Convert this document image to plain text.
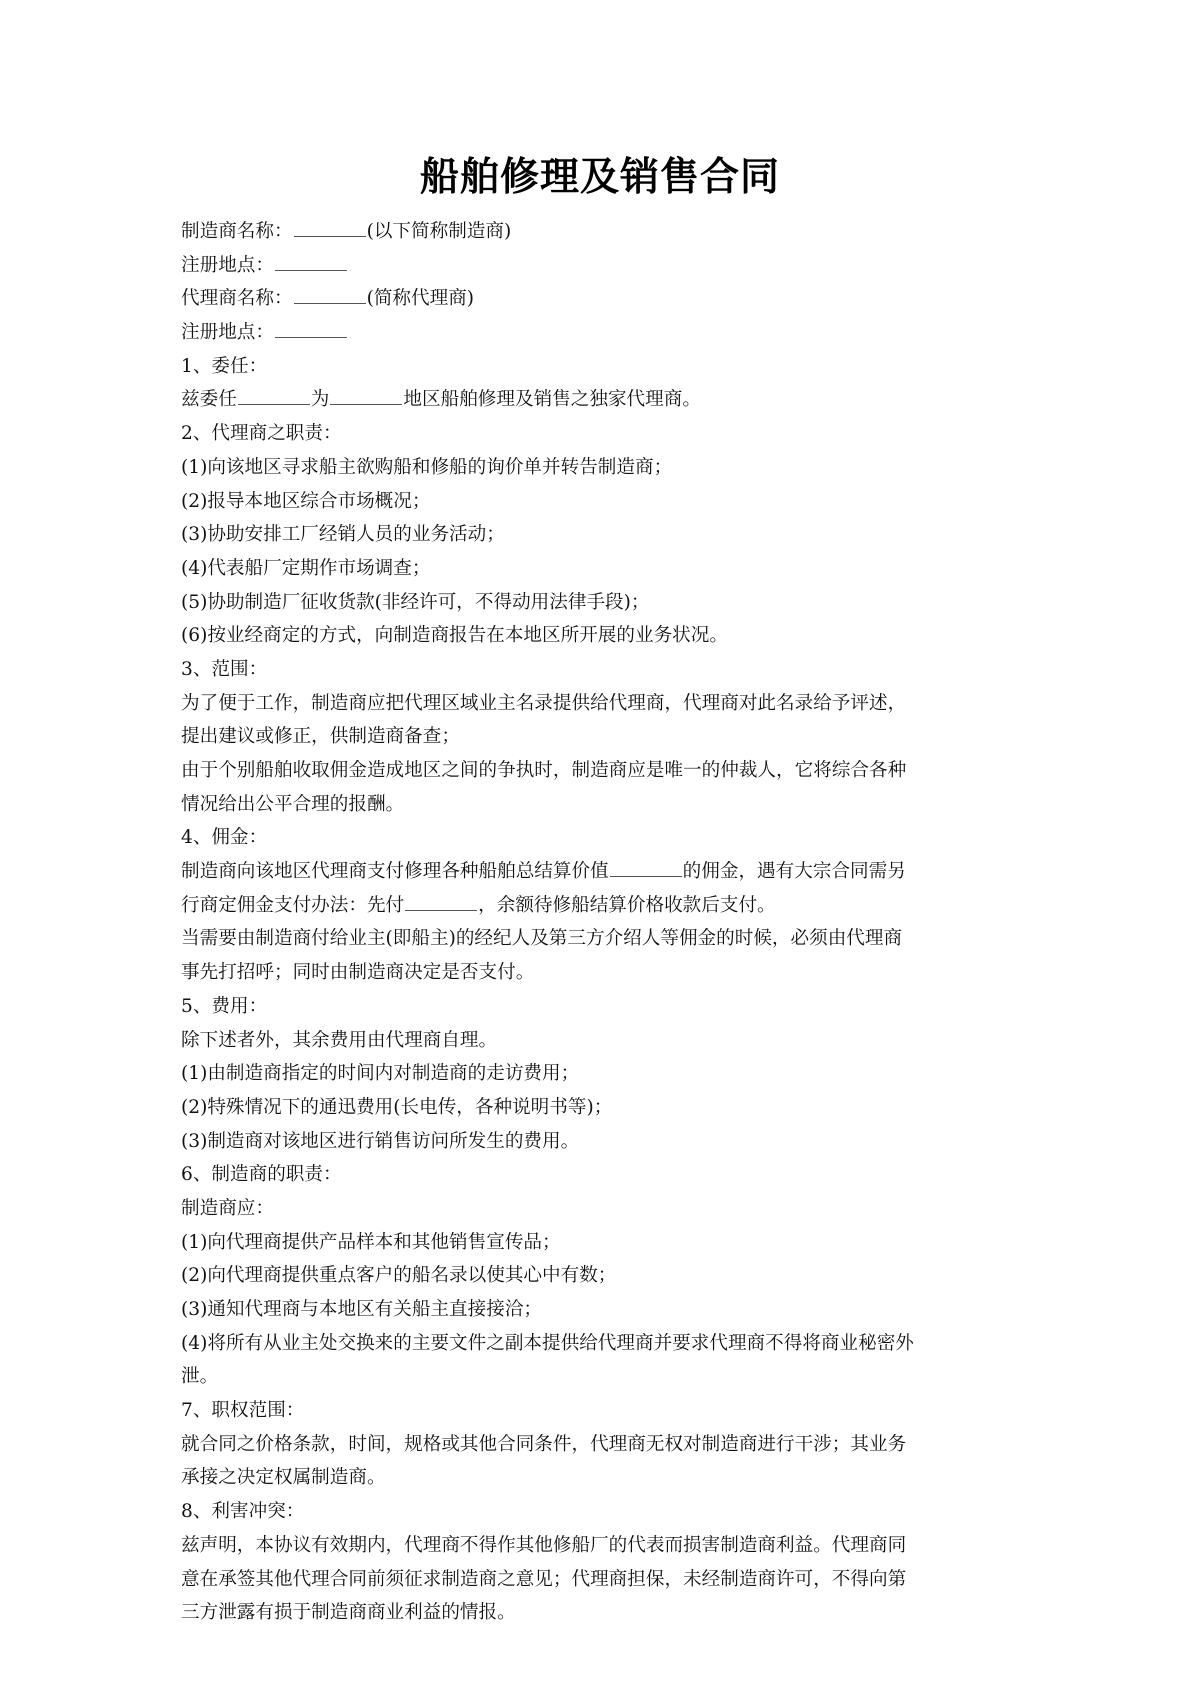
船舶修理及销售合同
制造商名称：	(以下简称制造商)
注册地点：
代理商名称：	(简称代理商)
注册地点：
1、委任：
兹委任	为	地区船舶修理及销售之独家代理商。
2、代理商之职责：
(1)向该地区寻求船主欲购船和修船的询价单并转告制造商；
(2)报导本地区综合市场概况；
(3)协助安排工厂经销人员的业务活动；
(4)代表船厂定期作市场调查；
(5)协助制造厂征收货款(非经许可，不得动用法律手段)；
(6)按业经商定的方式，向制造商报告在本地区所开展的业务状况。
3、范围：
为了便于工作，制造商应把代理区域业主名录提供给代理商，代理商对此名录给予评述，
提出建议或修正，供制造商备查；
由于个别船舶收取佣金造成地区之间的争执时，制造商应是唯一的仲裁人，它将综合各种
情况给出公平合理的报酬。
4、佣金：
制造商向该地区代理商支付修理各种船舶总结算价值	的佣金，遇有大宗合同需另
行商定佣金支付办法：先付	，余额待修船结算价格收款后支付。
当需要由制造商付给业主(即船主)的经纪人及第三方介绍人等佣金的时候，必须由代理商
事先打招呼；同时由制造商决定是否支付。
5、费用：
除下述者外，其余费用由代理商自理。
(1)由制造商指定的时间内对制造商的走访费用；
(2)特殊情况下的通迅费用(长电传，各种说明书等)；
(3)制造商对该地区进行销售访问所发生的费用。
6、制造商的职责：
制造商应：
(1)向代理商提供产品样本和其他销售宣传品；
(2)向代理商提供重点客户的船名录以使其心中有数；
(3)通知代理商与本地区有关船主直接接洽；
(4)将所有从业主处交换来的主要文件之副本提供给代理商并要求代理商不得将商业秘密外
泄。
7、职权范围：
就合同之价格条款，时间，规格或其他合同条件，代理商无权对制造商进行干涉；其业务
承接之决定权属制造商。
8、利害冲突：
兹声明，本协议有效期内，代理商不得作其他修船厂的代表而损害制造商利益。代理商同
意在承签其他代理合同前须征求制造商之意见；代理商担保，未经制造商许可，不得向第
三方泄露有损于制造商商业利益的情报。
